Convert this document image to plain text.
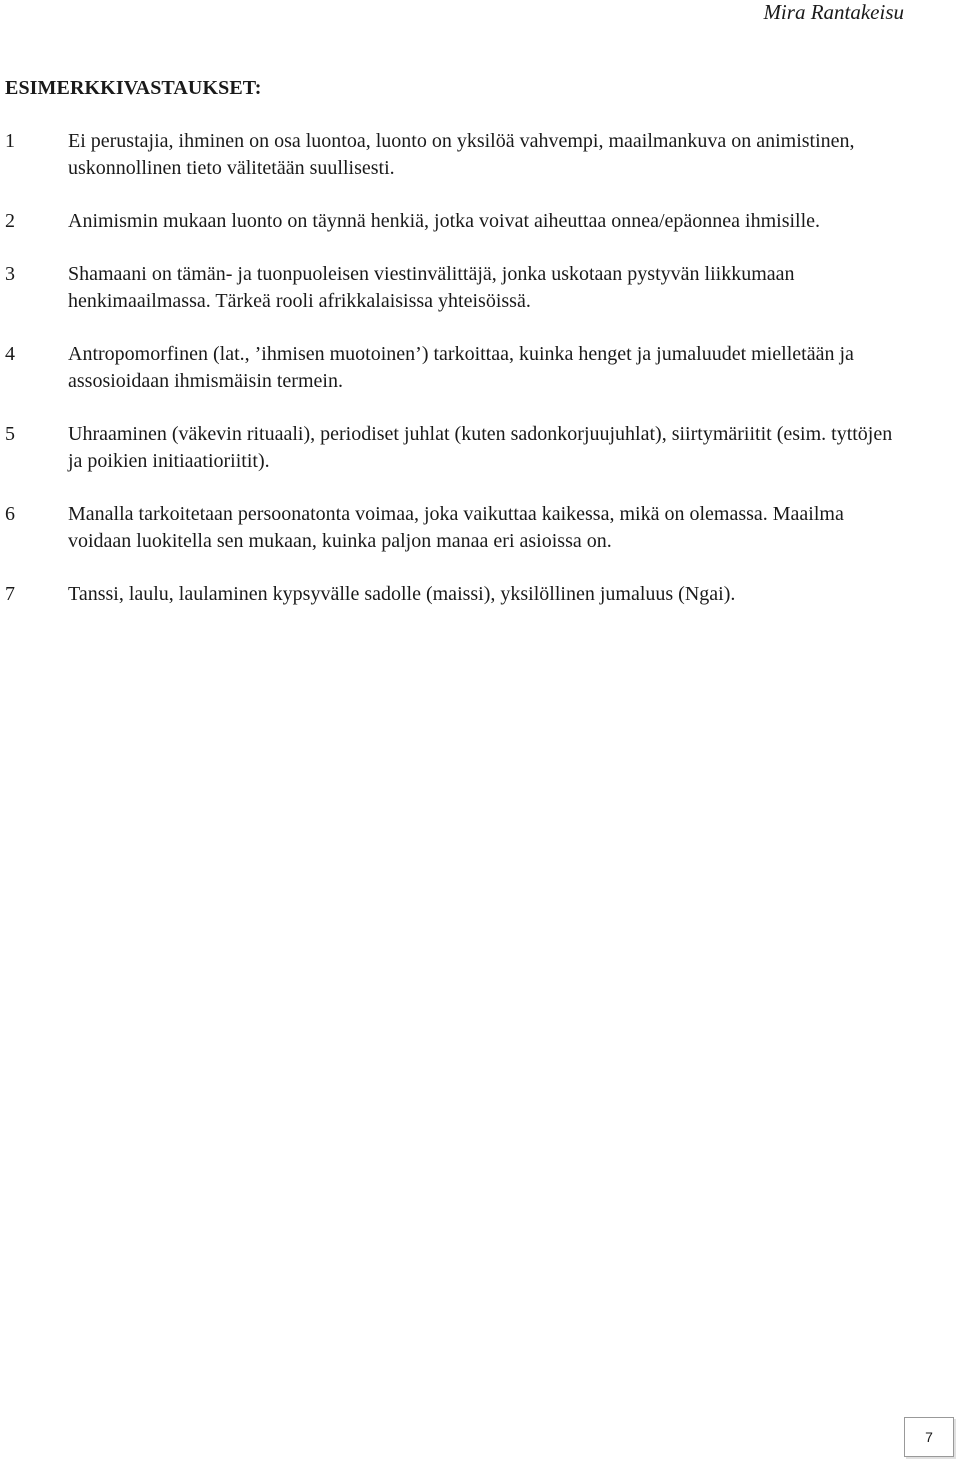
Mira Rantakeisu
ESIMERKKIVASTAUKSET:
1	Ei perustajia, ihminen on osa luontoa, luonto on yksilöä vahvempi, maailmankuva on animistinen, uskonnollinen tieto välitetään suullisesti.
2	Animismin mukaan luonto on täynnä henkiä, jotka voivat aiheuttaa onnea/epäonnea ihmisille.
3	Shamaani on tämän- ja tuonpuoleisen viestinvälittäjä, jonka uskotaan pystyvän liikkumaan henkimaailmassa. Tärkeä rooli afrikkalaisissa yhteisöissä.
4	Antropomorfinen (lat., ’ihmisen muotoinen’) tarkoittaa, kuinka henget ja jumaluudet mielletään ja assosioidaan ihmismäisin termein.
5	Uhraaminen (väkevin rituaali), periodiset juhlat (kuten sadonkorjuujuhlat), siirtymäriitit (esim. tyttöjen ja poikien initiaatioriitit).
6	Manalla tarkoitetaan persoonatonta voimaa, joka vaikuttaa kaikessa, mikä on olemassa. Maailma voidaan luokitella sen mukaan, kuinka paljon manaa eri asioissa on.
7	Tanssi, laulu, laulaminen kypsyvälle sadolle (maissi), yksilöllinen jumaluus (Ngai).
7
